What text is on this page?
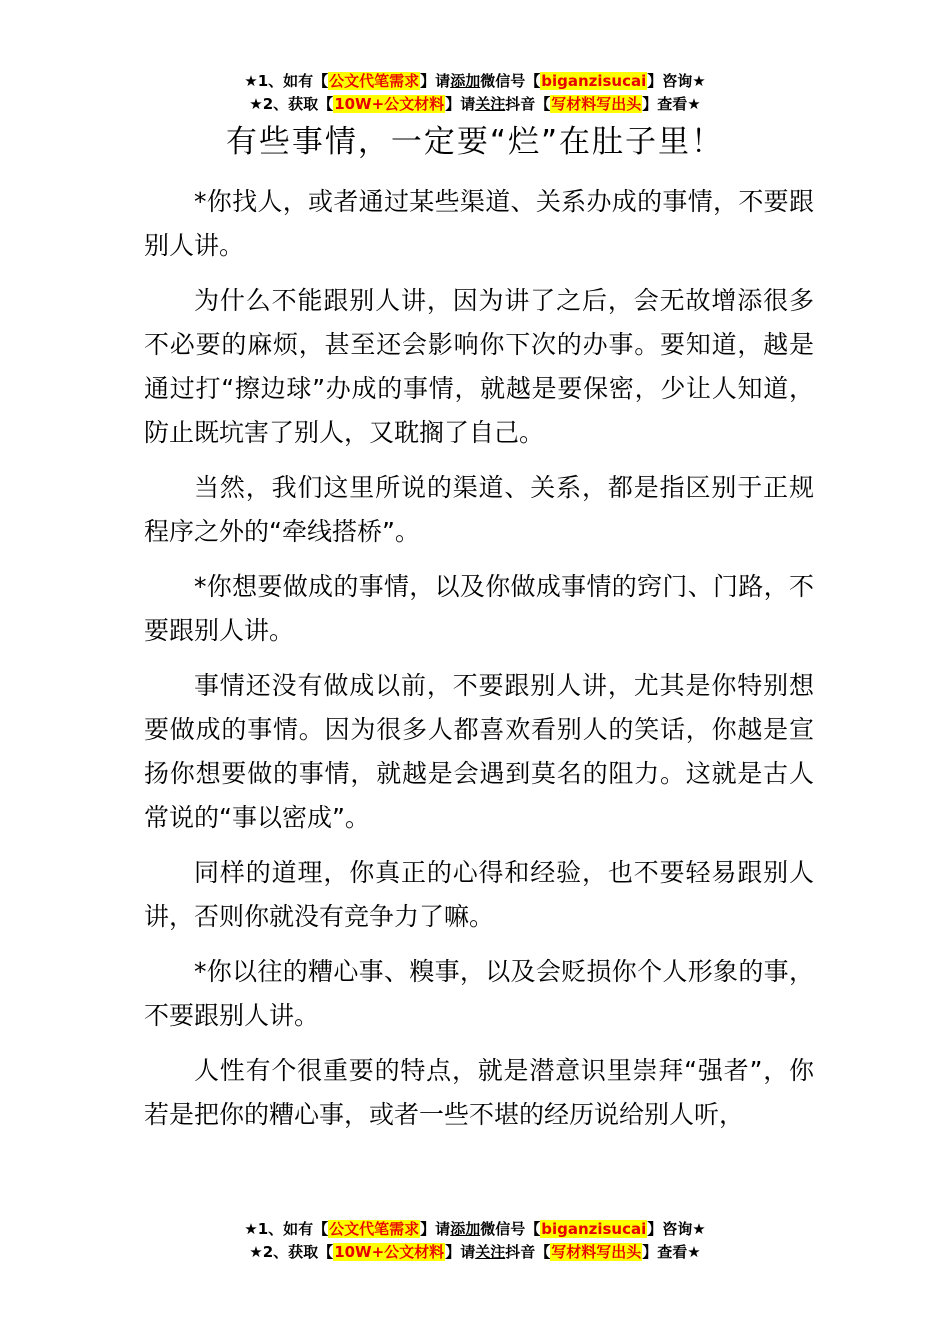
★1、如有【公文代笔需求】请添加微信号【biganzisucai】咨询★
★2、获取【10W+公文材料】请关注抖音【写材料写出头】查看★
有些事情，一定要“烂”在肚子里！

*你找人，或者通过某些渠道、关系办成的事情，不要跟别人讲。

为什么不能跟别人讲，因为讲了之后，会无故增添很多不必要的麻烦，甚至还会影响你下次的办事。要知道，越是通过打“擦边球”办成的事情，就越是要保密，少让人知道，防止既坑害了别人，又耽搁了自己。

当然，我们这里所说的渠道、关系，都是指区别于正规程序之外的“牵线搭桥”。

*你想要做成的事情，以及你做成事情的窍门、门路，不要跟别人讲。

事情还没有做成以前，不要跟别人讲，尤其是你特别想要做成的事情。因为很多人都喜欢看别人的笑话，你越是宣扬你想要做的事情，就越是会遇到莫名的阻力。这就是古人常说的“事以密成”。

同样的道理，你真正的心得和经验，也不要轻易跟别人讲，否则你就没有竞争力了嘛。

*你以往的糟心事、糗事，以及会贬损你个人形象的事，不要跟别人讲。

人性有个很重要的特点，就是潜意识里崇拜“强者”，你若是把你的糟心事，或者一些不堪的经历说给别人听，

★1、如有【公文代笔需求】请添加微信号【biganzisucai】咨询★
★2、获取【10W+公文材料】请关注抖音【写材料写出头】查看★
